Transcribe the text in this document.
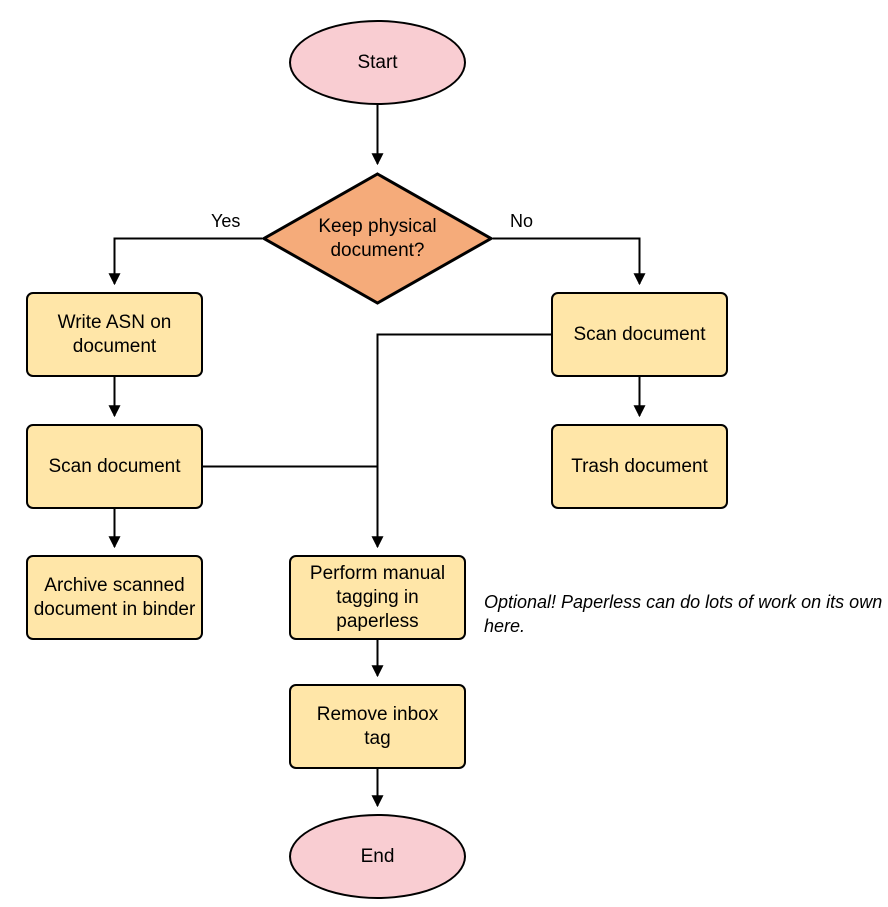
Start
Keep physical document?
Write ASN on document
Scan document
Archive scanned document in binder
Scan document
Trash document
Perform manual tagging in paperless
Remove inbox tag
End
Yes	No
Optional! Paperless can do lots of work on its own here.
